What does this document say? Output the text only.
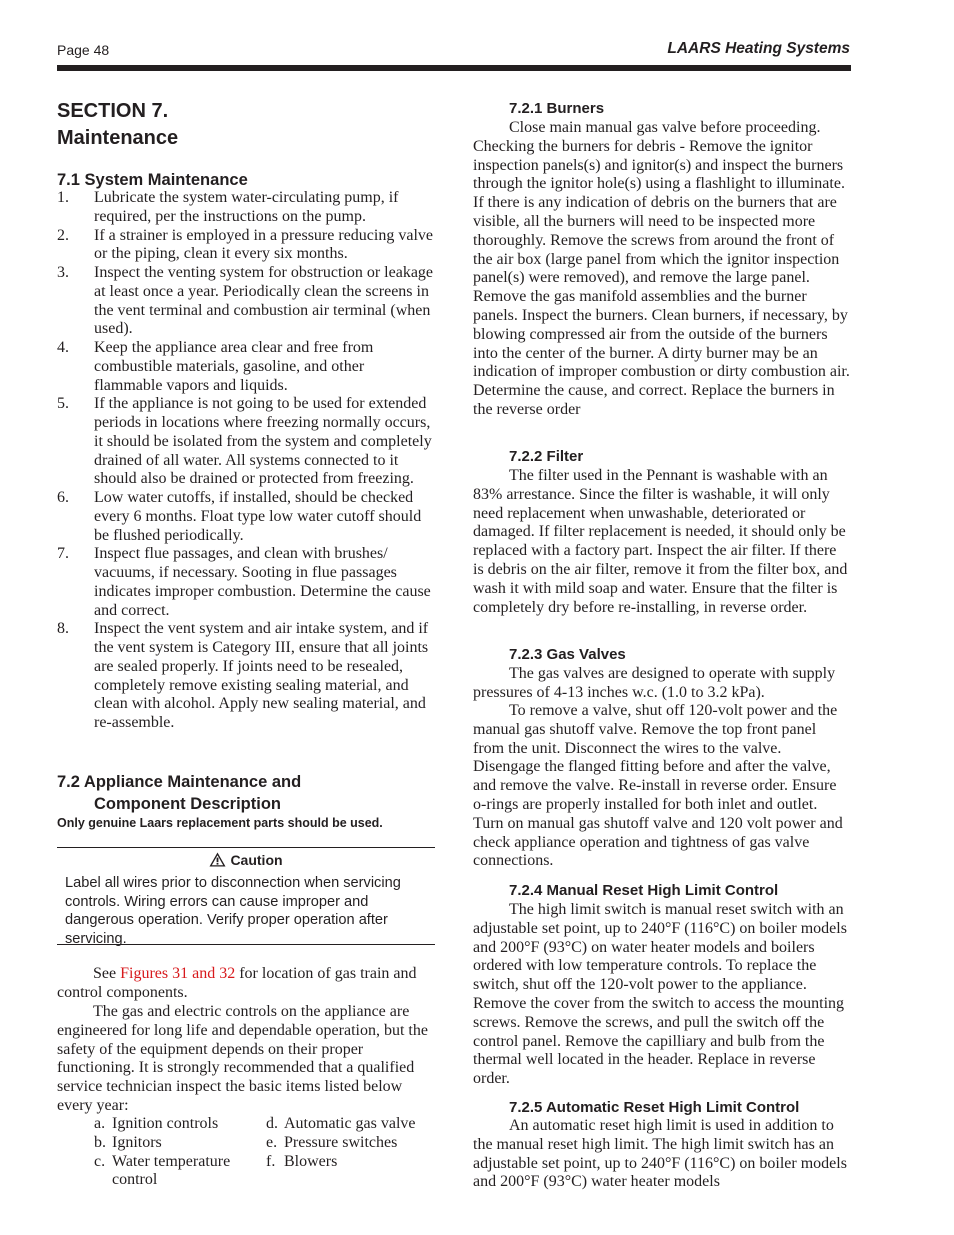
Page 48	LAARS Heating Systems
SECTION 7.
Maintenance
7.1 System Maintenance
1. Lubricate the system water-circulating pump, if required, per the instructions on the pump.
2. If a strainer is employed in a pressure reducing valve or the piping, clean it every six months.
3. Inspect the venting system for obstruction or leakage at least once a year. Periodically clean the screens in the vent terminal and combustion air terminal (when used).
4. Keep the appliance area clear and free from combustible materials, gasoline, and other flammable vapors and liquids.
5. If the appliance is not going to be used for extended periods in locations where freezing normally occurs, it should be isolated from the system and completely drained of all water. All systems connected to it should also be drained or protected from freezing.
6. Low water cutoffs, if installed, should be checked every 6 months. Float type low water cutoff should be flushed periodically.
7. Inspect flue passages, and clean with brushes/ vacuums, if necessary. Sooting in flue passages indicates improper combustion. Determine the cause and correct.
8. Inspect the vent system and air intake system, and if the vent system is Category III, ensure that all joints are sealed properly. If joints need to be resealed, completely remove existing sealing material, and clean with alcohol. Apply new sealing material, and re-assemble.
7.2 Appliance Maintenance and
Component Description
Only genuine Laars replacement parts should be used.
Caution
Label all wires prior to disconnection when servicing controls. Wiring errors can cause improper and dangerous operation. Verify proper operation after servicing.
See Figures 31 and 32 for location of gas train and control components.
The gas and electric controls on the appliance are engineered for long life and dependable operation, but the safety of the equipment depends on their proper functioning. It is strongly recommended that a qualified service technician inspect the basic items listed below every year:
a. Ignition controls
b. Ignitors
c. Water temperature control
d. Automatic gas valve
e. Pressure switches
f. Blowers
7.2.1 Burners
Close main manual gas valve before proceeding. Checking the burners for debris - Remove the ignitor inspection panels(s) and ignitor(s) and inspect the burners through the ignitor hole(s) using a flashlight to illuminate. If there is any indication of debris on the burners that are visible, all the burners will need to be inspected more thoroughly. Remove the screws from around the front of the air box (large panel from which the ignitor inspection panel(s) were removed), and remove the large panel. Remove the gas manifold assemblies and the burner panels. Inspect the burners. Clean burners, if necessary, by blowing compressed air from the outside of the burners into the center of the burner. A dirty burner may be an indication of improper combustion or dirty combustion air. Determine the cause, and correct. Replace the burners in the reverse order
7.2.2 Filter
The filter used in the Pennant is washable with an 83% arrestance. Since the filter is washable, it will only need replacement when unwashable, deteriorated or damaged. If filter replacement is needed, it should only be replaced with a factory part. Inspect the air filter. If there is debris on the air filter, remove it from the filter box, and wash it with mild soap and water. Ensure that the filter is completely dry before re-installing, in reverse order.
7.2.3 Gas Valves
The gas valves are designed to operate with supply pressures of 4-13 inches w.c. (1.0 to 3.2 kPa).
To remove a valve, shut off 120-volt power and the manual gas shutoff valve. Remove the top front panel from the unit. Disconnect the wires to the valve. Disengage the flanged fitting before and after the valve, and remove the valve. Re-install in reverse order. Ensure o-rings are properly installed for both inlet and outlet. Turn on manual gas shutoff valve and 120 volt power and check appliance operation and tightness of gas valve connections.
7.2.4 Manual Reset High Limit Control
The high limit switch is manual reset switch with an adjustable set point, up to 240°F (116°C) on boiler models and 200°F (93°C) on water heater models and boilers ordered with low temperature controls. To replace the switch, shut off the 120-volt power to the appliance. Remove the cover from the switch to access the mounting screws. Remove the screws, and pull the switch off the control panel. Remove the capilliary and bulb from the thermal well located in the header. Replace in reverse order.
7.2.5 Automatic Reset High Limit Control
An automatic reset high limit is used in addition to the manual reset high limit. The high limit switch has an adjustable set point, up to 240°F (116°C) on boiler models and 200°F (93°C) water heater models
